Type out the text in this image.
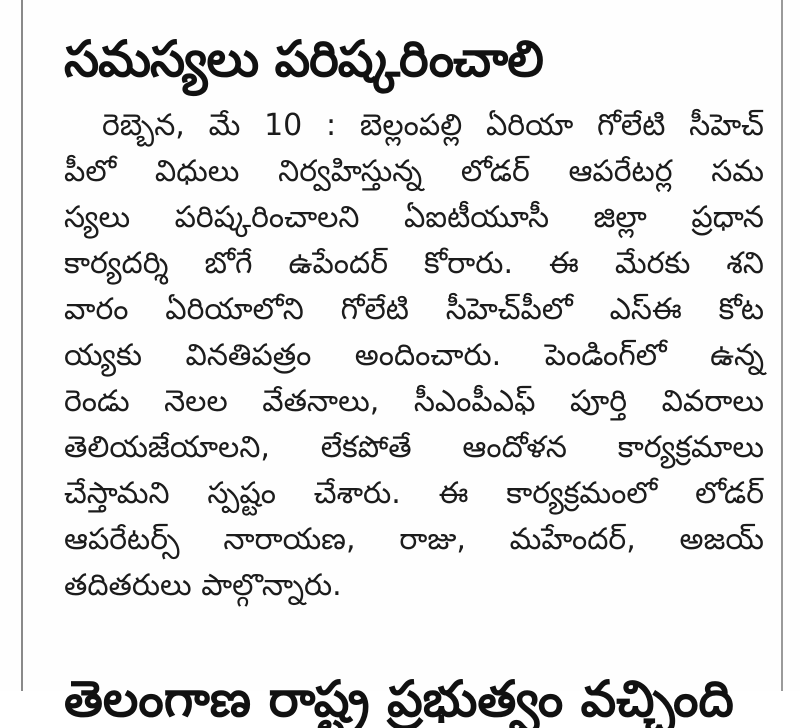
సమస్యలు పరిష్కరించాలి
రెబ్బెన, మే 10 : బెల్లంపల్లి ఏరియా గోలేటి సీహెచ్
పీలో విధులు నిర్వహిస్తున్న లోడర్ ఆపరేటర్ల సమ
స్యలు పరిష్కరించాలని ఏఐటీయూసీ జిల్లా ప్రధాన
కార్యదర్శి బోగే ఉపేందర్ కోరారు. ఈ మేరకు శని
వారం ఏరియాలోని గోలేటి సీహెచ్‌పీలో ఎస్ఈ కోట
య్యకు వినతిపత్రం అందించారు. పెండింగ్‌లో ఉన్న
రెండు నెలల వేతనాలు, సీఎంపీఎఫ్ పూర్తి వివరాలు
తెలియజేయాలని, లేకపోతే ఆందోళన కార్యక్రమాలు
చేస్తామని స్పష్టం చేశారు. ఈ కార్యక్రమంలో లోడర్
ఆపరేటర్స్ నారాయణ, రాజు, మహేందర్, అజయ్
తదితరులు పాల్గొన్నారు.
తెలంగాణ రాష్ట్ర ప్రభుత్వం వచ్చింది
